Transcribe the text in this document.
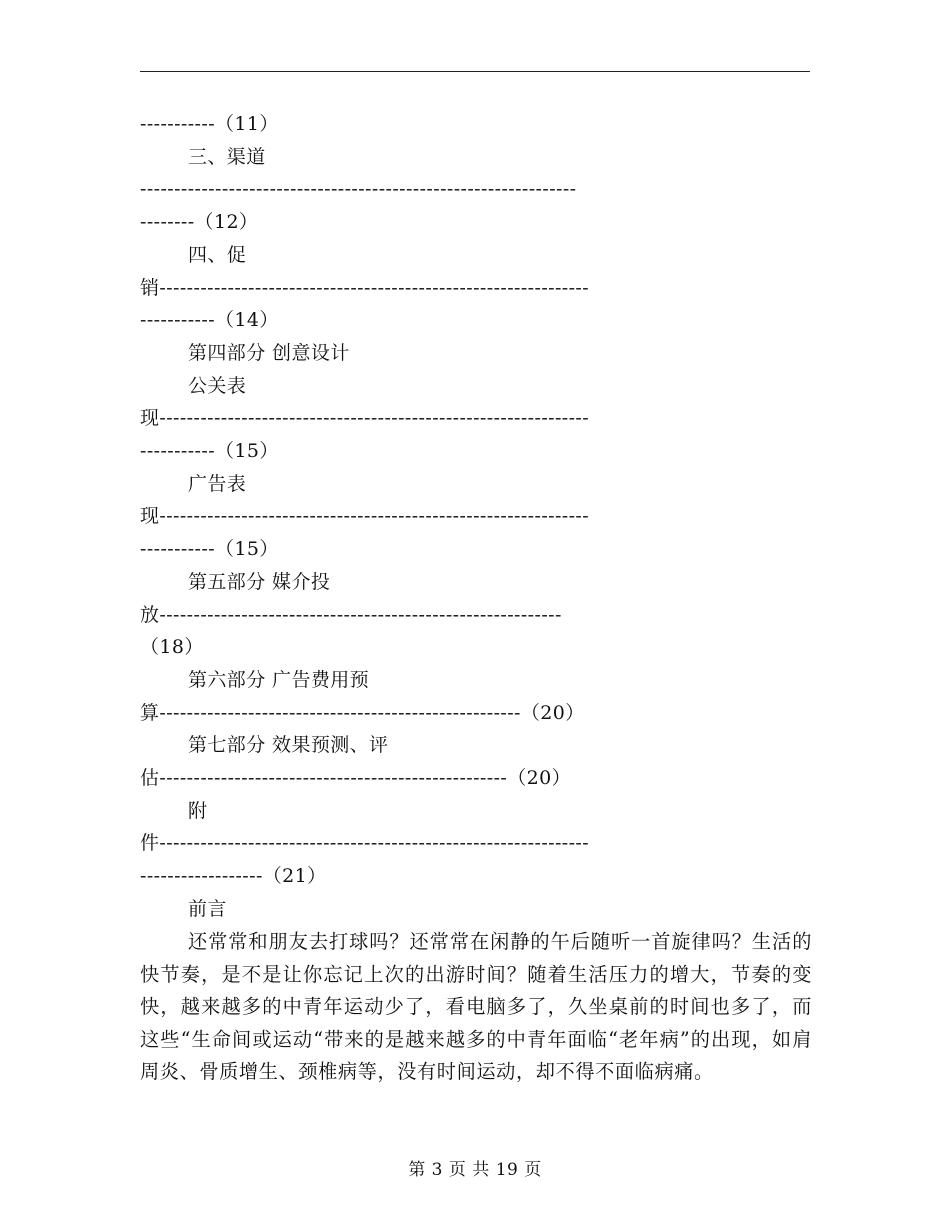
-----------（11）
三、渠道
----------------------------------------------------------------
--------（12）
四、促
销---------------------------------------------------------------
-----------（14）
第四部分 创意设计
公关表
现---------------------------------------------------------------
-----------（15）
广告表
现---------------------------------------------------------------
-----------（15）
第五部分 媒介投
放-----------------------------------------------------------
（18）
第六部分 广告费用预
算-----------------------------------------------------（20）
第七部分 效果预测、评
估---------------------------------------------------（20）
附
件---------------------------------------------------------------
------------------（21）
前言
还常常和朋友去打球吗？还常常在闲静的午后随听一首旋律吗？生活的快节奏，是不是让你忘记上次的出游时间？随着生活压力的增大，节奏的变快，越来越多的中青年运动少了，看电脑多了，久坐桌前的时间也多了，而这些“生命间或运动“带来的是越来越多的中青年面临“老年病”的出现，如肩周炎、骨质增生、颈椎病等，没有时间运动，却不得不面临病痛。
第 3 页 共 19 页
